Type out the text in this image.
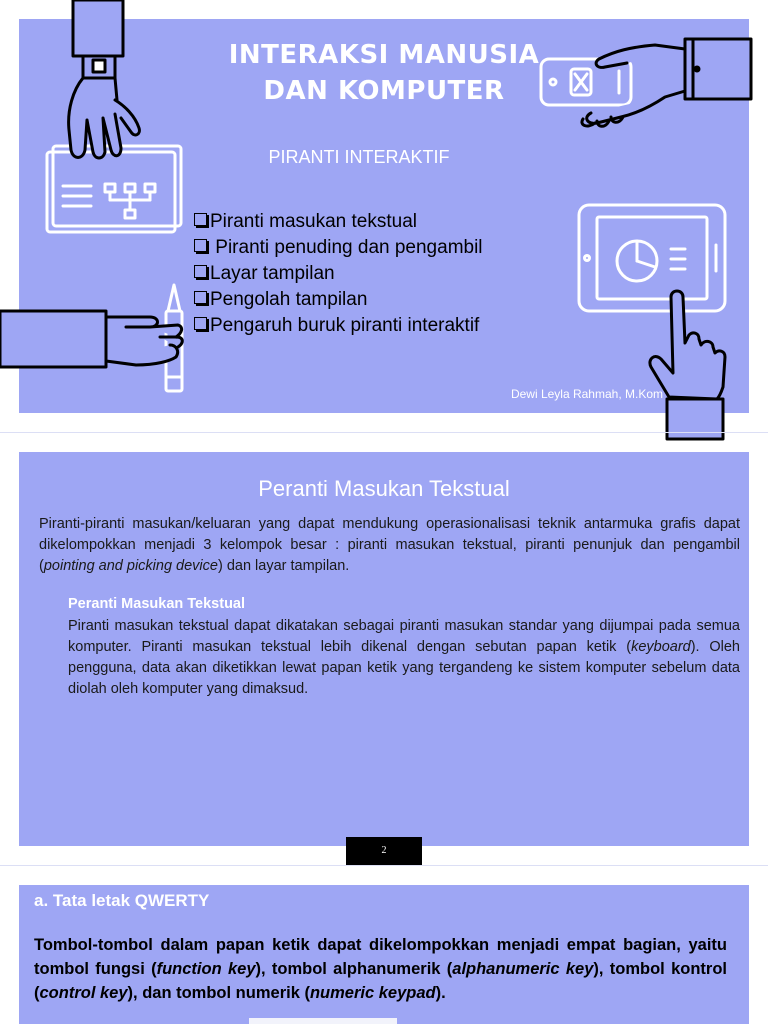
INTERAKSI MANUSIA
DAN KOMPUTER
PIRANTI INTERAKTIF
Piranti masukan tekstual
Piranti penuding dan pengambil
Layar tampilan
Pengolah tampilan
Pengaruh buruk piranti interaktif
Dewi Leyla Rahmah, M.Kom
Peranti Masukan Tekstual

Piranti-piranti masukan/keluaran yang dapat mendukung operasionalisasi teknik antarmuka grafis dapat dikelompokkan menjadi 3 kelompok besar : piranti masukan tekstual, piranti penunjuk dan pengambil (pointing and picking device) dan layar tampilan.

Peranti Masukan Tekstual

Piranti masukan tekstual dapat dikatakan sebagai piranti masukan standar yang dijumpai pada semua komputer. Piranti masukan tekstual lebih dikenal dengan sebutan papan ketik (keyboard). Oleh pengguna, data akan diketikkan lewat papan ketik yang tergandeng ke sistem komputer sebelum data diolah oleh komputer yang dimaksud.

2
a. Tata letak QWERTY

Tombol-tombol dalam papan ketik dapat dikelompokkan menjadi empat bagian, yaitu tombol fungsi (function key), tombol alphanumerik (alphanumeric key), tombol kontrol (control key), dan tombol numerik (numeric keypad).
